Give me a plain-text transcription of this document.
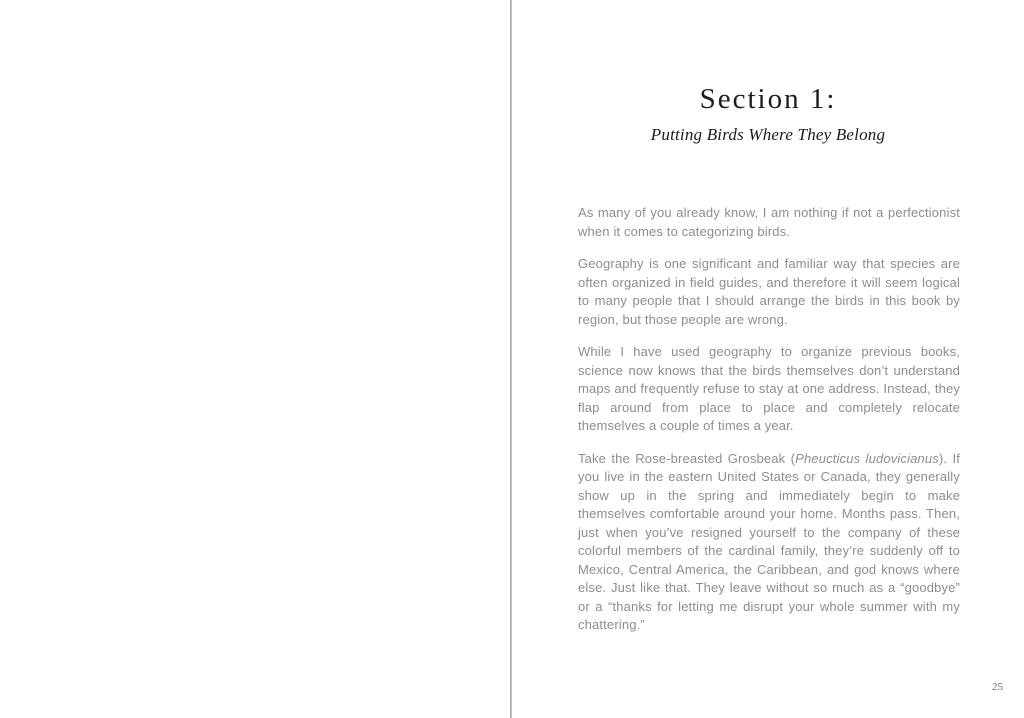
Section 1:
Putting Birds Where They Belong

As many of you already know, I am nothing if not a perfectionist when it comes to categorizing birds.

Geography is one significant and familiar way that species are often organized in field guides, and therefore it will seem logical to many people that I should arrange the birds in this book by region, but those people are wrong.

While I have used geography to organize previous books, science now knows that the birds themselves don’t understand maps and frequently refuse to stay at one address. Instead, they flap around from place to place and completely relocate themselves a couple of times a year.

Take the Rose-breasted Grosbeak (Pheucticus ludovicianus). If you live in the eastern United States or Canada, they generally show up in the spring and immediately begin to make themselves comfortable around your home. Months pass. Then, just when you’ve resigned yourself to the company of these colorful members of the cardinal family, they’re suddenly off to Mexico, Central America, the Caribbean, and god knows where else. Just like that. They leave without so much as a “goodbye” or a “thanks for letting me disrupt your whole summer with my chattering.”

25
